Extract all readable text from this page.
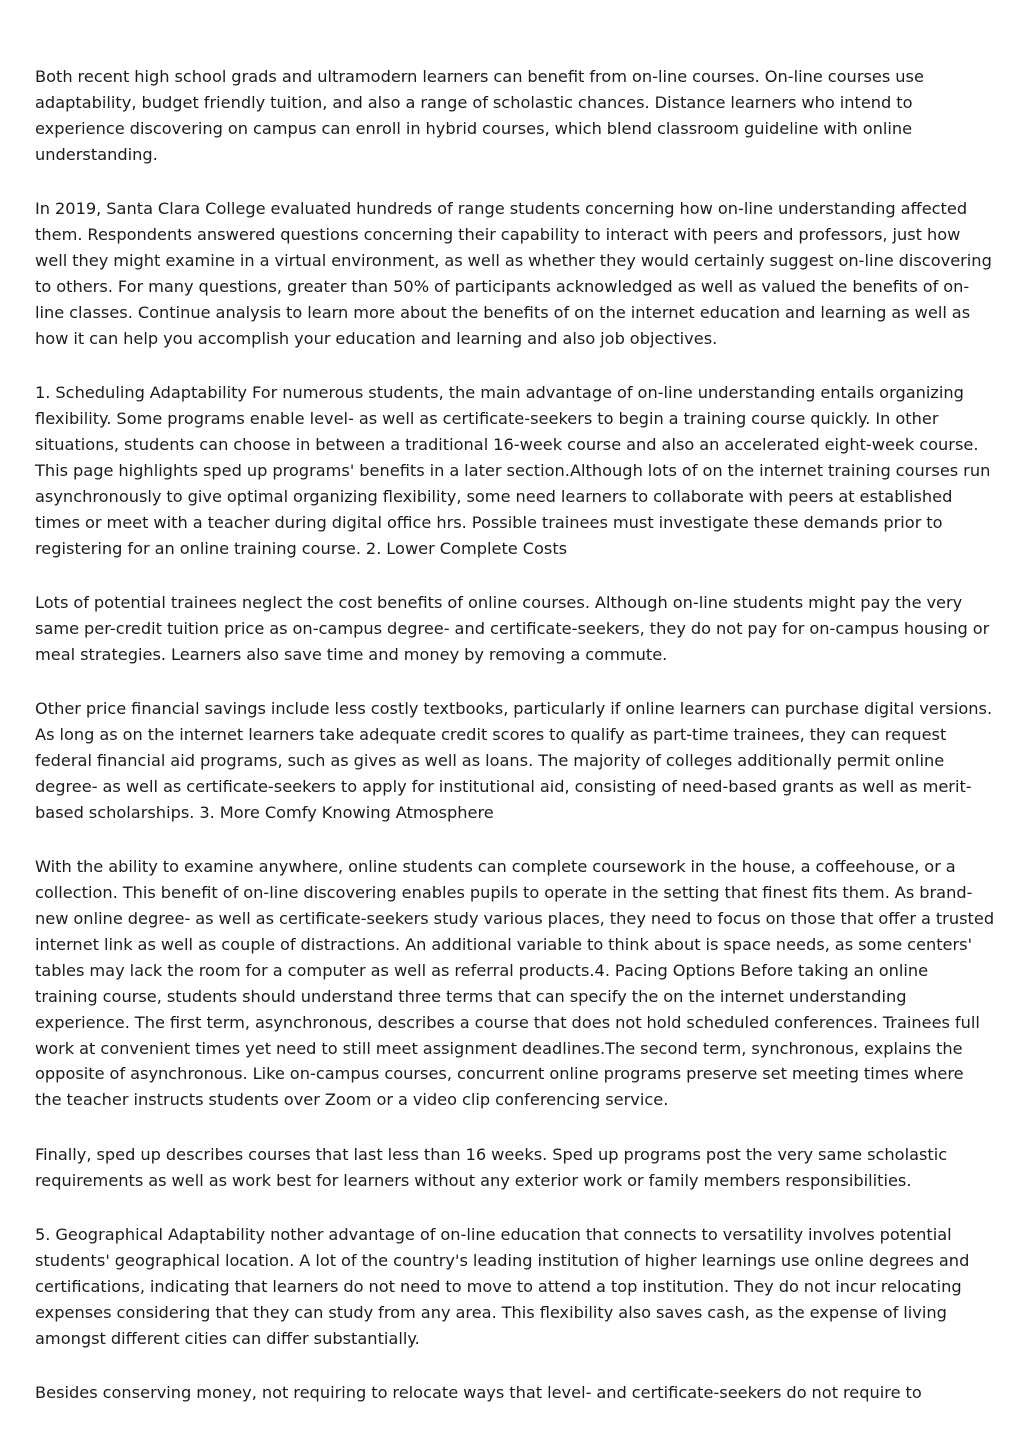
Both recent high school grads and ultramodern learners can benefit from on-line courses. On-line courses use adaptability, budget friendly tuition, and also a range of scholastic chances. Distance learners who intend to experience discovering on campus can enroll in hybrid courses, which blend classroom guideline with online understanding.

In 2019, Santa Clara College evaluated hundreds of range students concerning how on-line understanding affected them. Respondents answered questions concerning their capability to interact with peers and professors, just how well they might examine in a virtual environment, as well as whether they would certainly suggest on-line discovering to others. For many questions, greater than 50% of participants acknowledged as well as valued the benefits of on-line classes. Continue analysis to learn more about the benefits of on the internet education and learning as well as how it can help you accomplish your education and learning and also job objectives.

1. Scheduling Adaptability For numerous students, the main advantage of on-line understanding entails organizing flexibility. Some programs enable level- as well as certificate-seekers to begin a training course quickly. In other situations, students can choose in between a traditional 16-week course and also an accelerated eight-week course. This page highlights sped up programs' benefits in a later section.Although lots of on the internet training courses run asynchronously to give optimal organizing flexibility, some need learners to collaborate with peers at established times or meet with a teacher during digital office hrs. Possible trainees must investigate these demands prior to registering for an online training course. 2. Lower Complete Costs

Lots of potential trainees neglect the cost benefits of online courses. Although on-line students might pay the very same per-credit tuition price as on-campus degree- and certificate-seekers, they do not pay for on-campus housing or meal strategies. Learners also save time and money by removing a commute.

Other price financial savings include less costly textbooks, particularly if online learners can purchase digital versions. As long as on the internet learners take adequate credit scores to qualify as part-time trainees, they can request federal financial aid programs, such as gives as well as loans. The majority of colleges additionally permit online degree- as well as certificate-seekers to apply for institutional aid, consisting of need-based grants as well as merit-based scholarships. 3. More Comfy Knowing Atmosphere

With the ability to examine anywhere, online students can complete coursework in the house, a coffeehouse, or a collection. This benefit of on-line discovering enables pupils to operate in the setting that finest fits them. As brand-new online degree- as well as certificate-seekers study various places, they need to focus on those that offer a trusted internet link as well as couple of distractions. An additional variable to think about is space needs, as some centers' tables may lack the room for a computer as well as referral products.4. Pacing Options Before taking an online training course, students should understand three terms that can specify the on the internet understanding experience. The first term, asynchronous, describes a course that does not hold scheduled conferences. Trainees full work at convenient times yet need to still meet assignment deadlines.The second term, synchronous, explains the opposite of asynchronous. Like on-campus courses, concurrent online programs preserve set meeting times where the teacher instructs students over Zoom or a video clip conferencing service.

Finally, sped up describes courses that last less than 16 weeks. Sped up programs post the very same scholastic requirements as well as work best for learners without any exterior work or family members responsibilities.

5. Geographical Adaptability nother advantage of on-line education that connects to versatility involves potential students' geographical location. A lot of the country's leading institution of higher learnings use online degrees and certifications, indicating that learners do not need to move to attend a top institution. They do not incur relocating expenses considering that they can study from any area. This flexibility also saves cash, as the expense of living amongst different cities can differ substantially.

Besides conserving money, not requiring to relocate ways that level- and certificate-seekers do not require to
